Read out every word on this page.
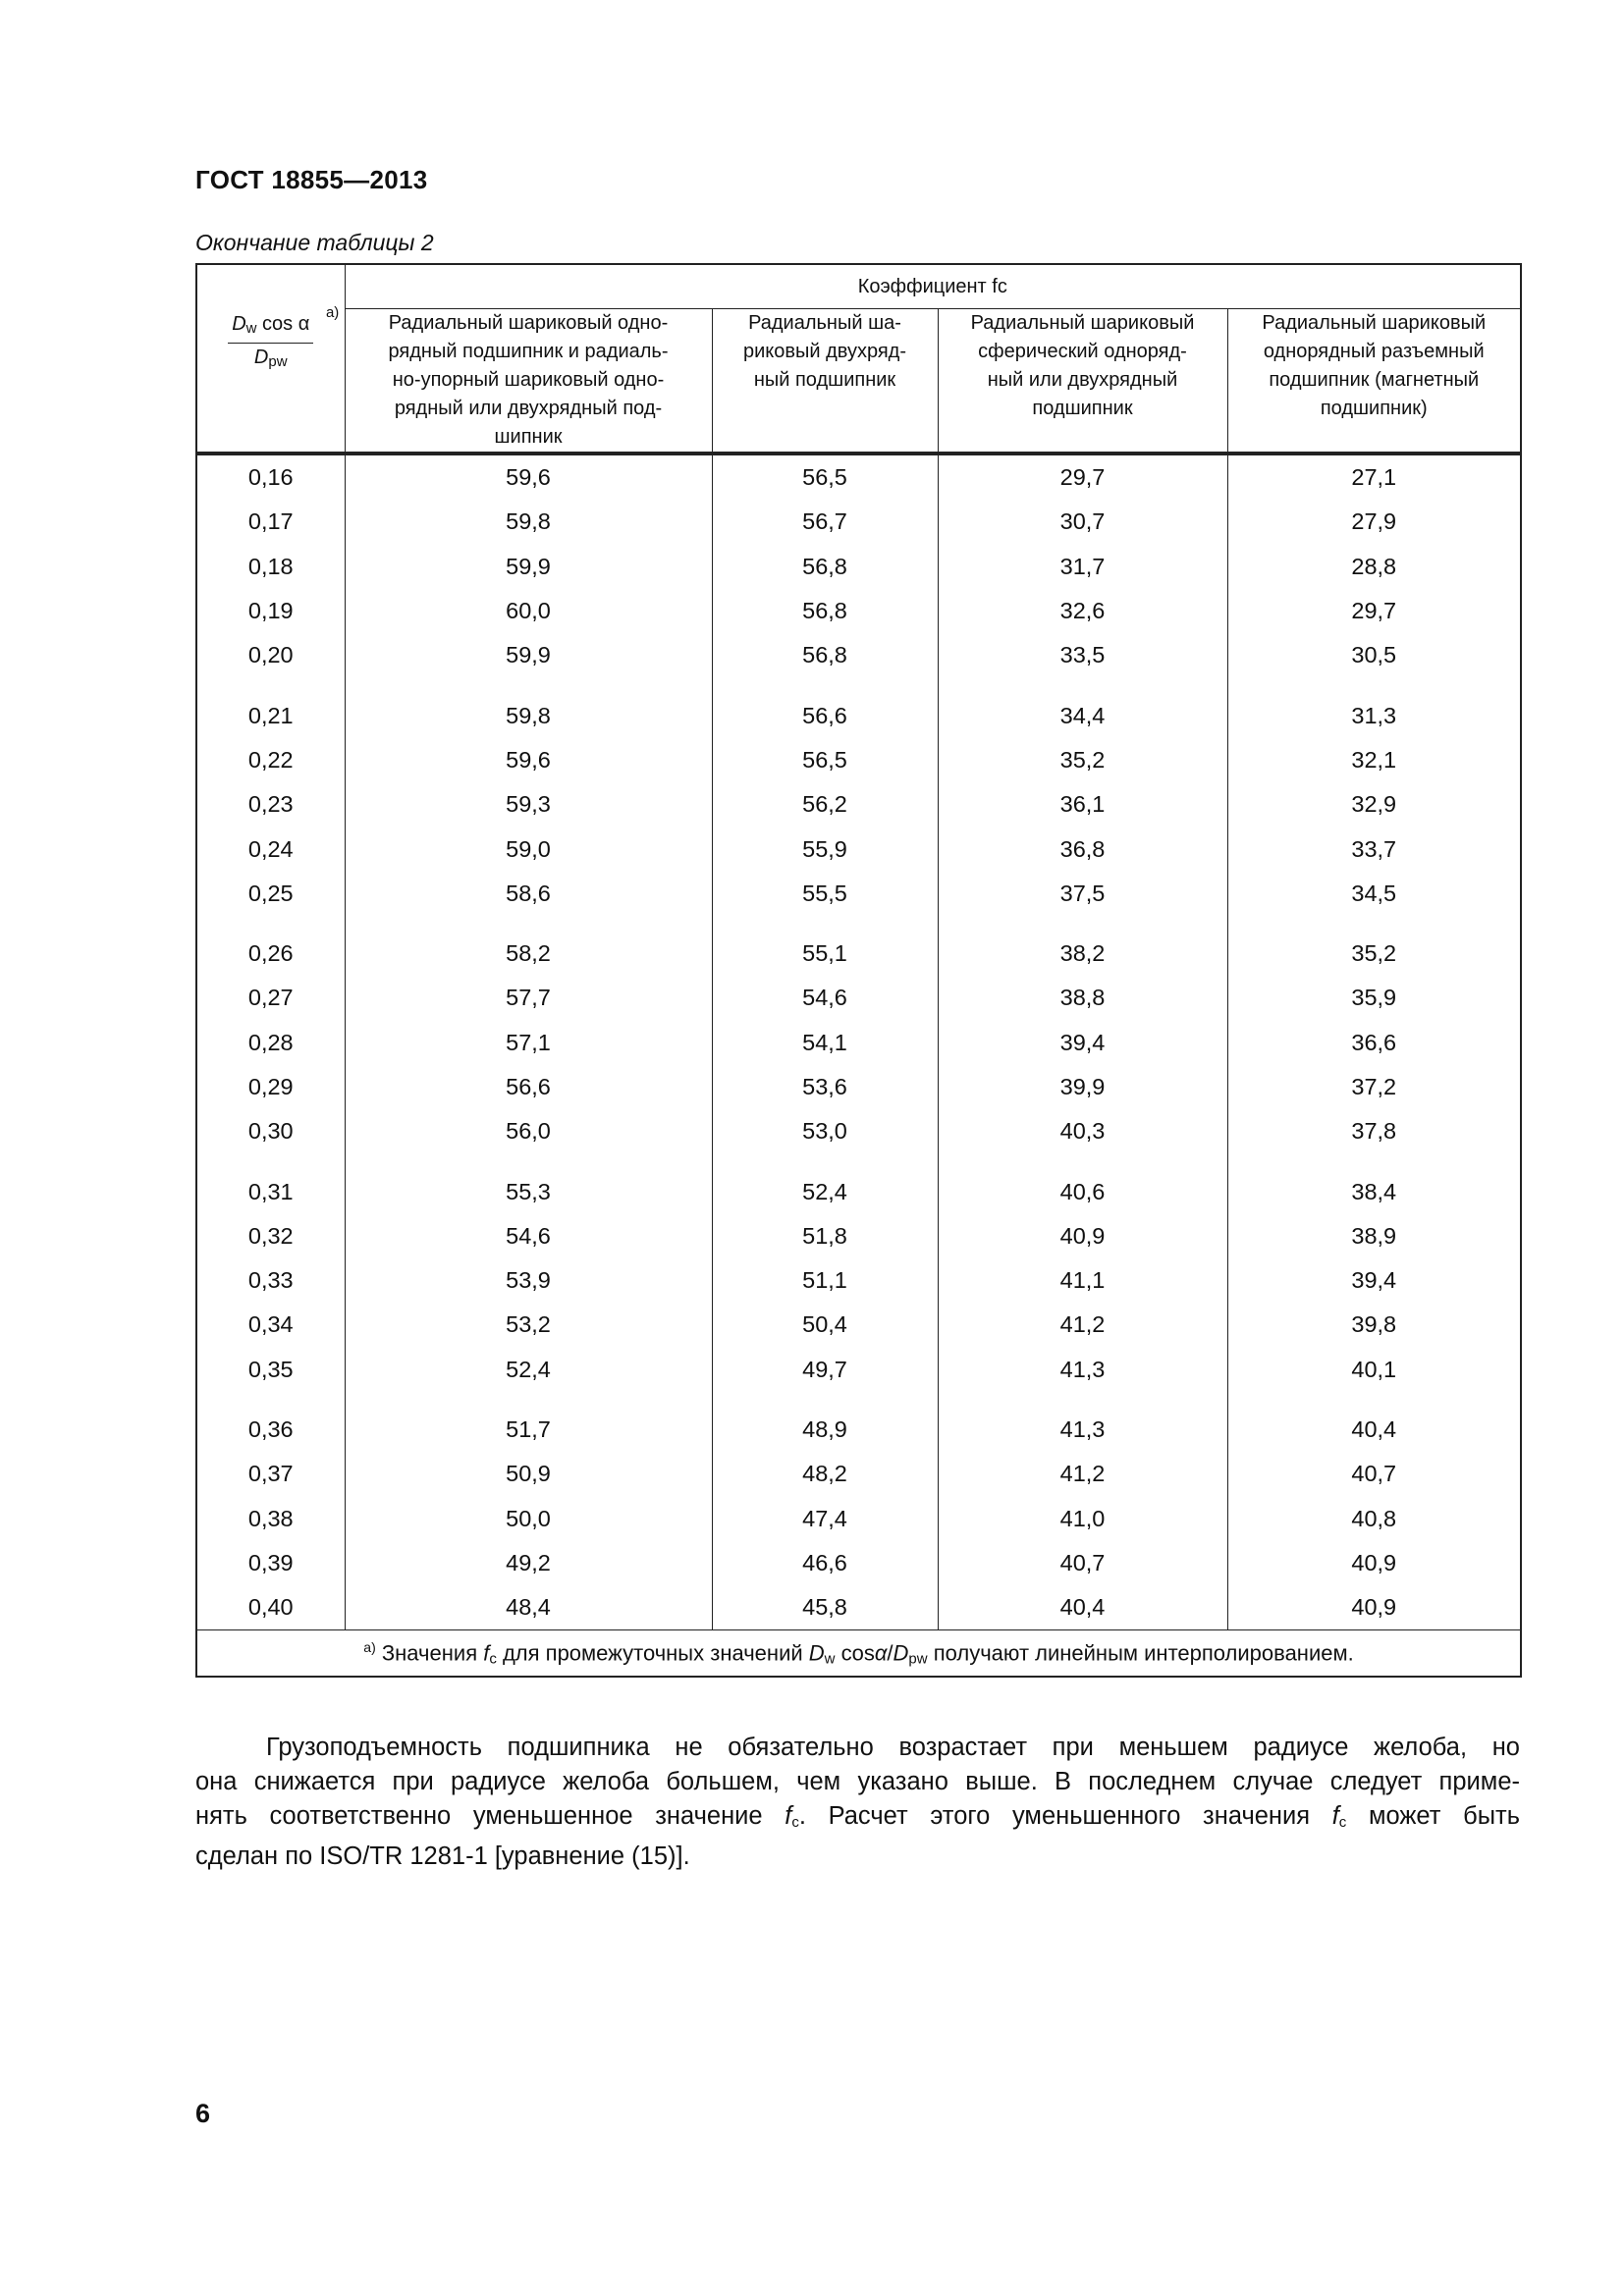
ГОСТ 18855—2013
Окончание таблицы 2
$D_w$ cos α
$D_{pw}$
a)	Коэффициент fc			

	Радиальный шариковый одно-
рядный подшипник и радиаль-
но-упорный шариковый одно-
рядный или двухрядный под-
шипник	Радиальный ша-
риковый двухряд-
ный подшипник	Радиальный шариковый
сферический одноряд-
ный или двухрядный
подшипник	Радиальный шариковый
однорядный разъемный
подшипник (магнетный
подшипник)

0,16	59,6	56,5	29,7	27,1
0,17	59,8	56,7	30,7	27,9
0,18	59,9	56,8	31,7	28,8
0,19	60,0	56,8	32,6	29,7
0,20	59,9	56,8	33,5	30,5
0,21	59,8	56,6	34,4	31,3
0,22	59,6	56,5	35,2	32,1
0,23	59,3	56,2	36,1	32,9
0,24	59,0	55,9	36,8	33,7
0,25	58,6	55,5	37,5	34,5
0,26	58,2	55,1	38,2	35,2
0,27	57,7	54,6	38,8	35,9
0,28	57,1	54,1	39,4	36,6
0,29	56,6	53,6	39,9	37,2
0,30	56,0	53,0	40,3	37,8
0,31	55,3	52,4	40,6	38,4
0,32	54,6	51,8	40,9	38,9
0,33	53,9	51,1	41,1	39,4
0,34	53,2	50,4	41,2	39,8
0,35	52,4	49,7	41,3	40,1
0,36	51,7	48,9	41,3	40,4
0,37	50,9	48,2	41,2	40,7
0,38	50,0	47,4	41,0	40,8
0,39	49,2	46,6	40,7	40,9
0,40	48,4	45,8	40,4	40,9
$^{a)}$ Значения $f_c$ для промежуточных значений $D_w$ cosα/$D_{pw}$ получают линейным интерполированием.				
Грузоподъемность подшипника не обязательно возрастает при меньшем радиусе желоба, но
она снижается при радиусе желоба большем, чем указано выше. В последнем случае следует приме-
нять соответственно уменьшенное значение $f_c$. Расчет этого уменьшенного значения $f_c$ может быть
сделан по ISO/TR 1281-1 [уравнение (15)].
6
